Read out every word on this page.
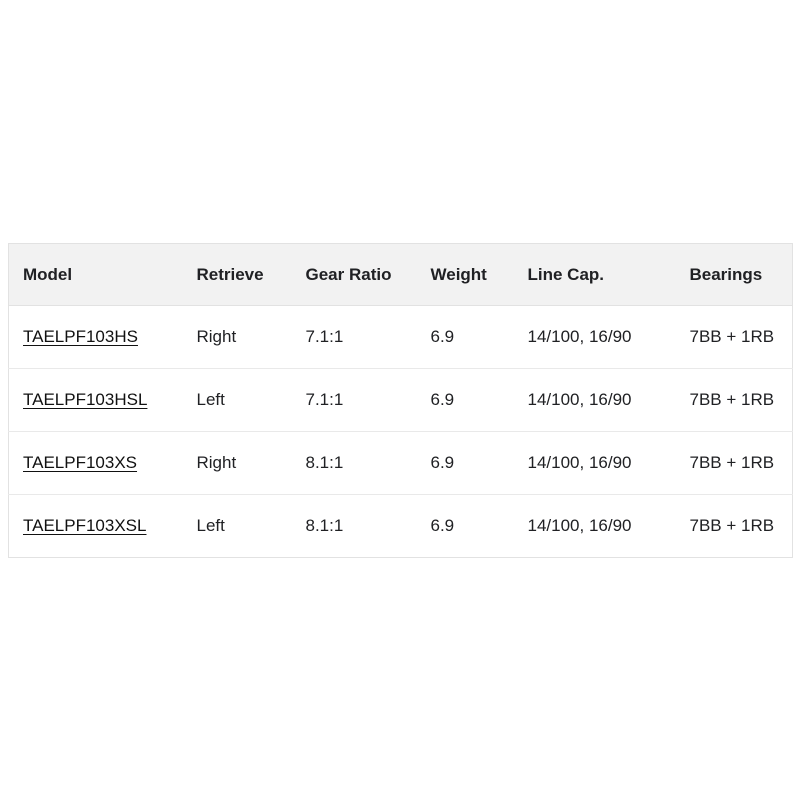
Model	Retrieve	Gear Ratio	Weight	Line Cap.	Bearings
TAELPF103HS	Right	7.1:1	6.9	14/100, 16/90	7BB + 1RB
TAELPF103HSL	Left	7.1:1	6.9	14/100, 16/90	7BB + 1RB
TAELPF103XS	Right	8.1:1	6.9	14/100, 16/90	7BB + 1RB
TAELPF103XSL	Left	8.1:1	6.9	14/100, 16/90	7BB + 1RB
